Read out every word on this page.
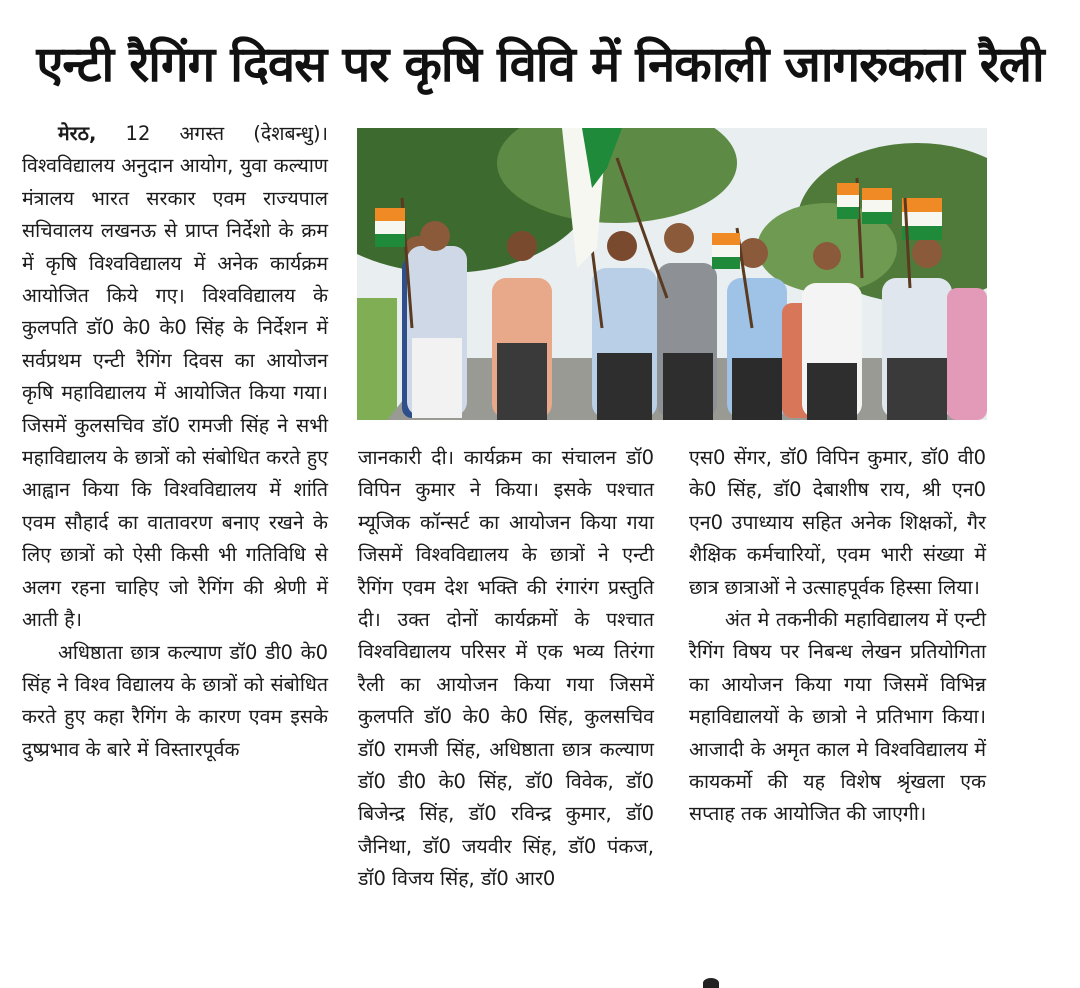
एन्टी रैगिंग दिवस पर कृषि विवि में निकाली जागरुकता रैली

मेरठ, 12 अगस्त (देशबन्धु)। विश्वविद्यालय अनुदान आयोग, युवा कल्याण मंत्रालय भारत सरकार एवम राज्यपाल सचिवालय लखनऊ से प्राप्त निर्देशो के क्रम में कृषि विश्वविद्यालय में अनेक कार्यक्रम आयोजित किये गए। विश्वविद्यालय के कुलपति डॉ0 के0 के0 सिंह के निर्देशन में सर्वप्रथम एन्टी रैगिंग दिवस का आयोजन कृषि महाविद्यालय में आयोजित किया गया। जिसमें कुलसचिव डॉ0 रामजी सिंह ने सभी महाविद्यालय के छात्रों को संबोधित करते हुए आह्वान किया कि विश्वविद्यालय में शांति एवम सौहार्द का वातावरण बनाए रखने के लिए छात्रों को ऐसी किसी भी गतिविधि से अलग रहना चाहिए जो रैगिंग की श्रेणी में आती है।

अधिष्ठाता छात्र कल्याण डॉ0 डी0 के0 सिंह ने विश्व विद्यालय के छात्रों को संबोधित करते हुए कहा रैगिंग के कारण एवम इसके दुष्प्रभाव के बारे में विस्तारपूर्वक

जानकारी दी। कार्यक्रम का संचालन डॉ0 विपिन कुमार ने किया। इसके पश्चात म्यूजिक कॉन्सर्ट का आयोजन किया गया जिसमें विश्वविद्यालय के छात्रों ने एन्टी रैगिंग एवम देश भक्ति की रंगारंग प्रस्तुति दी। उक्त दोनों कार्यक्रमों के पश्चात विश्वविद्यालय परिसर में एक भव्य तिरंगा रैली का आयोजन किया गया जिसमें कुलपति डॉ0 के0 के0 सिंह, कुलसचिव डॉ0 रामजी सिंह, अधिष्ठाता छात्र कल्याण डॉ0 डी0 के0 सिंह, डॉ0 विवेक, डॉ0 बिजेन्द्र सिंह, डॉ0 रविन्द्र कुमार, डॉ0 जैनिथा, डॉ0 जयवीर सिंह, डॉ0 पंकज, डॉ0 विजय सिंह, डॉ0 आर0

एस0 सेंगर, डॉ0 विपिन कुमार, डॉ0 वी0 के0 सिंह, डॉ0 देबाशीष राय, श्री एन0 एन0 उपाध्याय सहित अनेक शिक्षकों, गैर शैक्षिक कर्मचारियों, एवम भारी संख्या में छात्र छात्राओं ने उत्साहपूर्वक हिस्सा लिया।

अंत मे तकनीकी महाविद्यालय में एन्टी रैगिंग विषय पर निबन्ध लेखन प्रतियोगिता का आयोजन किया गया जिसमें विभिन्न महाविद्यालयों के छात्रो ने प्रतिभाग किया। आजादी के अमृत काल मे विश्वविद्यालय में कायकर्मो की यह विशेष श्रृंखला एक सप्ताह तक आयोजित की जाएगी।
